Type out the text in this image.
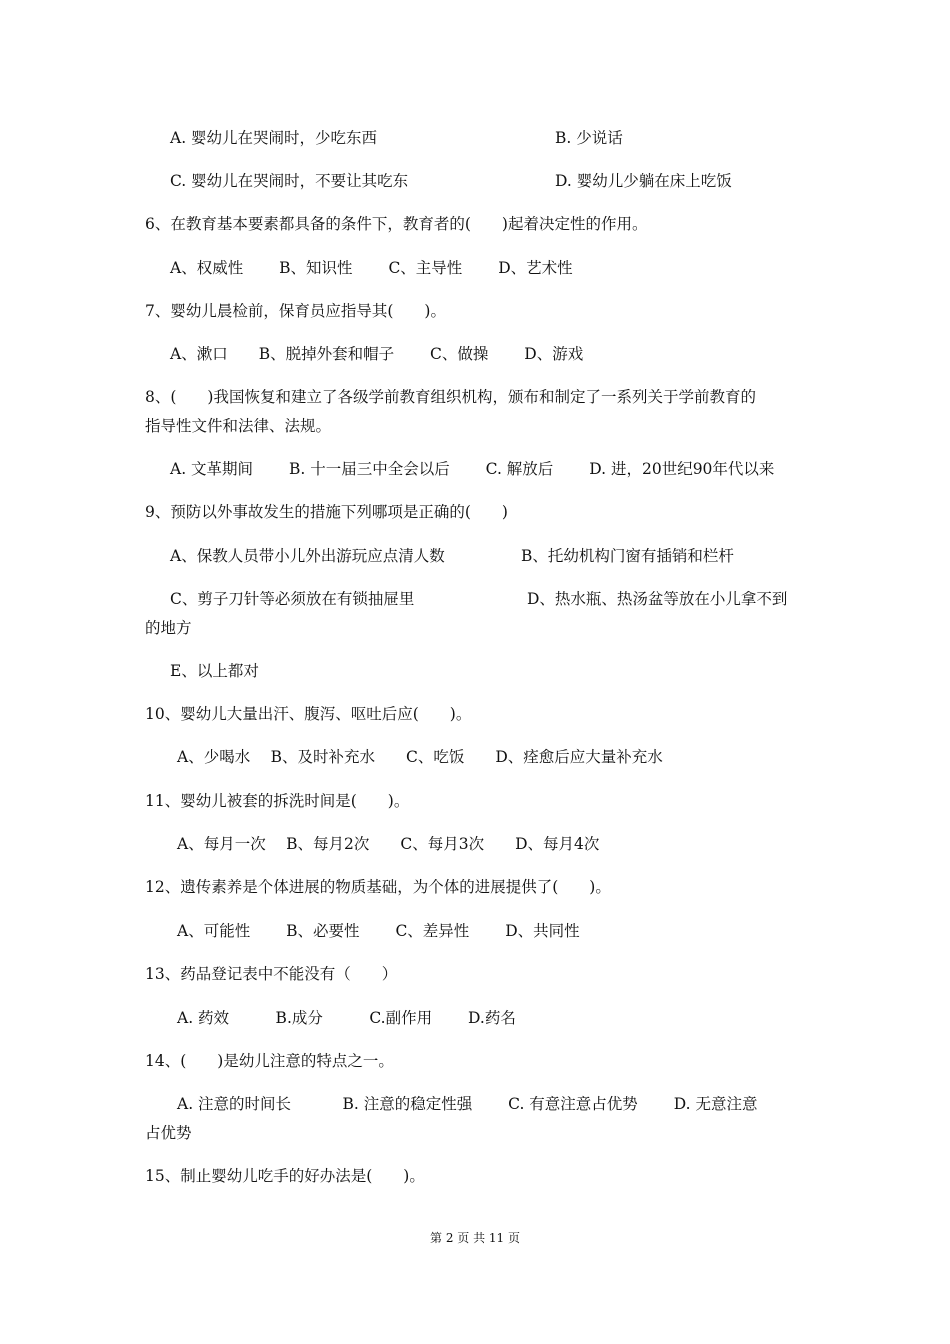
A. 婴幼儿在哭闹时，少吃东西	B. 少说话
C. 婴幼儿在哭闹时，不要让其吃东	D. 婴幼儿少躺在床上吃饭
6、在教育基本要素都具备的条件下，教育者的(　　)起着决定性的作用。
A、权威性　　 B、知识性　　 C、主导性　　 D、艺术性
7、婴幼儿晨检前，保育员应指导其(　　)。
A、漱口　　B、脱掉外套和帽子　　 C、做操　　 D、游戏
8、(　　)我国恢复和建立了各级学前教育组织机构，颁布和制定了一系列关于学前教育的
指导性文件和法律、法规。
A. 文革期间　　 B. 十一届三中全会以后　　 C. 解放后　　 D. 进，20世纪90年代以来
9、预防以外事故发生的措施下列哪项是正确的(　　)
A、保教人员带小儿外出游玩应点清人数	B、托幼机构门窗有插销和栏杆
C、剪子刀针等必须放在有锁抽屉里	D、热水瓶、热汤盆等放在小儿拿不到
的地方
E、以上都对
10、婴幼儿大量出汗、腹泻、呕吐后应(　　)。
A、少喝水　 B、及时补充水　　C、吃饭　　D、痊愈后应大量补充水
11、婴幼儿被套的拆洗时间是(　　)。
A、每月一次　 B、每月2次　　C、每月3次　　D、每月4次
12、遗传素养是个体进展的物质基础，为个体的进展提供了(　　)。
A、可能性　　 B、必要性　　 C、差异性　　 D、共同性
13、药品登记表中不能没有（　　）
A. 药效　　　B.成分　　　C.副作用　　 D.药名
14、(　　)是幼儿注意的特点之一。
A. 注意的时间长　　　 B. 注意的稳定性强　　 C. 有意注意占优势　　 D. 无意注意
占优势
15、制止婴幼儿吃手的好办法是(　　)。
第 2 页 共 11 页
